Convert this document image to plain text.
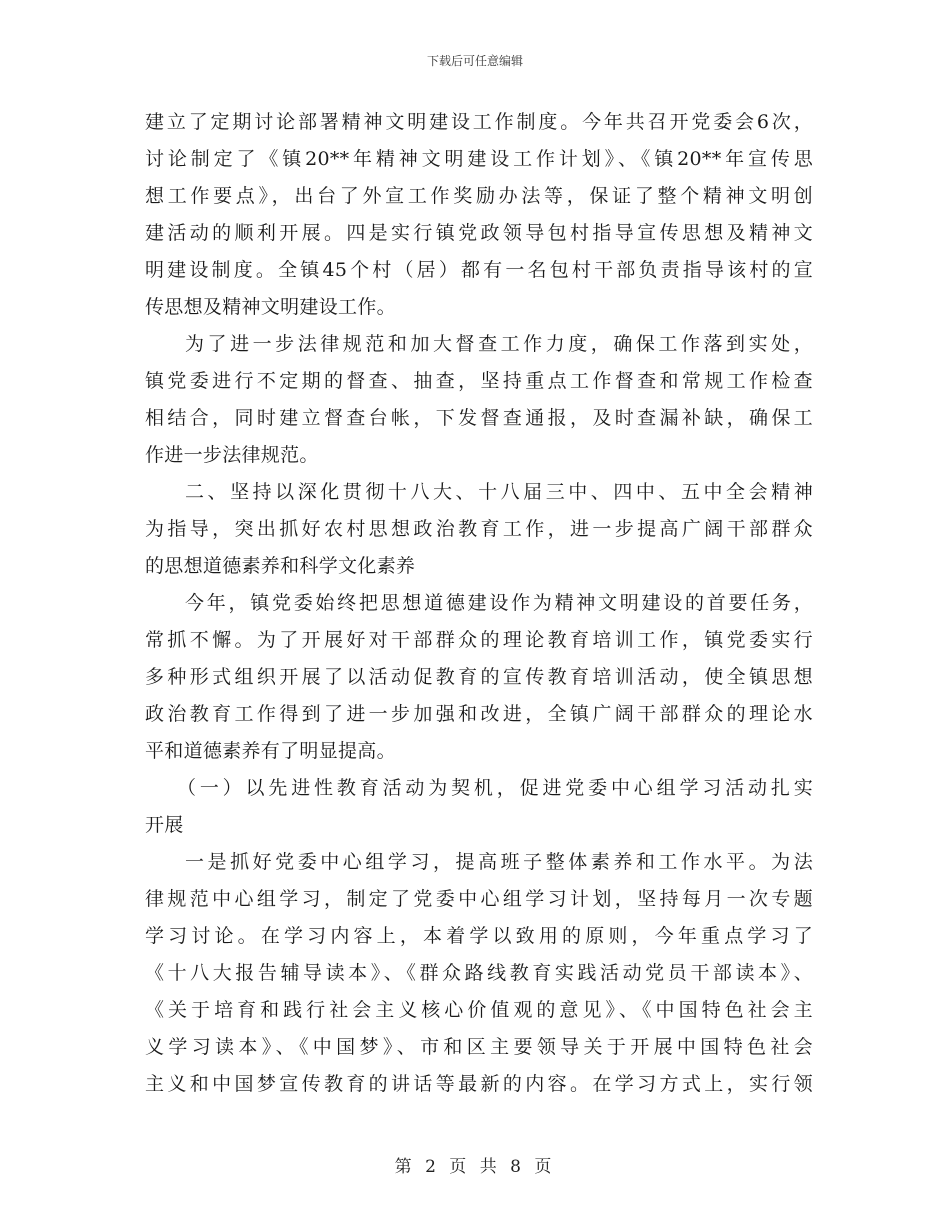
下载后可任意编辑
建立了定期讨论部署精神文明建设工作制度。今年共召开党委会6次，
讨论制定了《镇20**年精神文明建设工作计划》、《镇20**年宣传思
想工作要点》，出台了外宣工作奖励办法等，保证了整个精神文明创
建活动的顺利开展。四是实行镇党政领导包村指导宣传思想及精神文
明建设制度。全镇45个村（居）都有一名包村干部负责指导该村的宣
传思想及精神文明建设工作。
为了进一步法律规范和加大督查工作力度，确保工作落到实处，
镇党委进行不定期的督查、抽查，坚持重点工作督查和常规工作检查
相结合，同时建立督查台帐，下发督查通报，及时查漏补缺，确保工
作进一步法律规范。
二、坚持以深化贯彻十八大、十八届三中、四中、五中全会精神
为指导，突出抓好农村思想政治教育工作，进一步提高广阔干部群众
的思想道德素养和科学文化素养
今年，镇党委始终把思想道德建设作为精神文明建设的首要任务，
常抓不懈。为了开展好对干部群众的理论教育培训工作，镇党委实行
多种形式组织开展了以活动促教育的宣传教育培训活动，使全镇思想
政治教育工作得到了进一步加强和改进，全镇广阔干部群众的理论水
平和道德素养有了明显提高。
（一）以先进性教育活动为契机，促进党委中心组学习活动扎实
开展
一是抓好党委中心组学习，提高班子整体素养和工作水平。为法
律规范中心组学习，制定了党委中心组学习计划，坚持每月一次专题
学习讨论。在学习内容上，本着学以致用的原则，今年重点学习了
《十八大报告辅导读本》、《群众路线教育实践活动党员干部读本》、
《关于培育和践行社会主义核心价值观的意见》、《中国特色社会主
义学习读本》、《中国梦》、市和区主要领导关于开展中国特色社会
主义和中国梦宣传教育的讲话等最新的内容。在学习方式上，实行领
第 2 页 共 8 页
